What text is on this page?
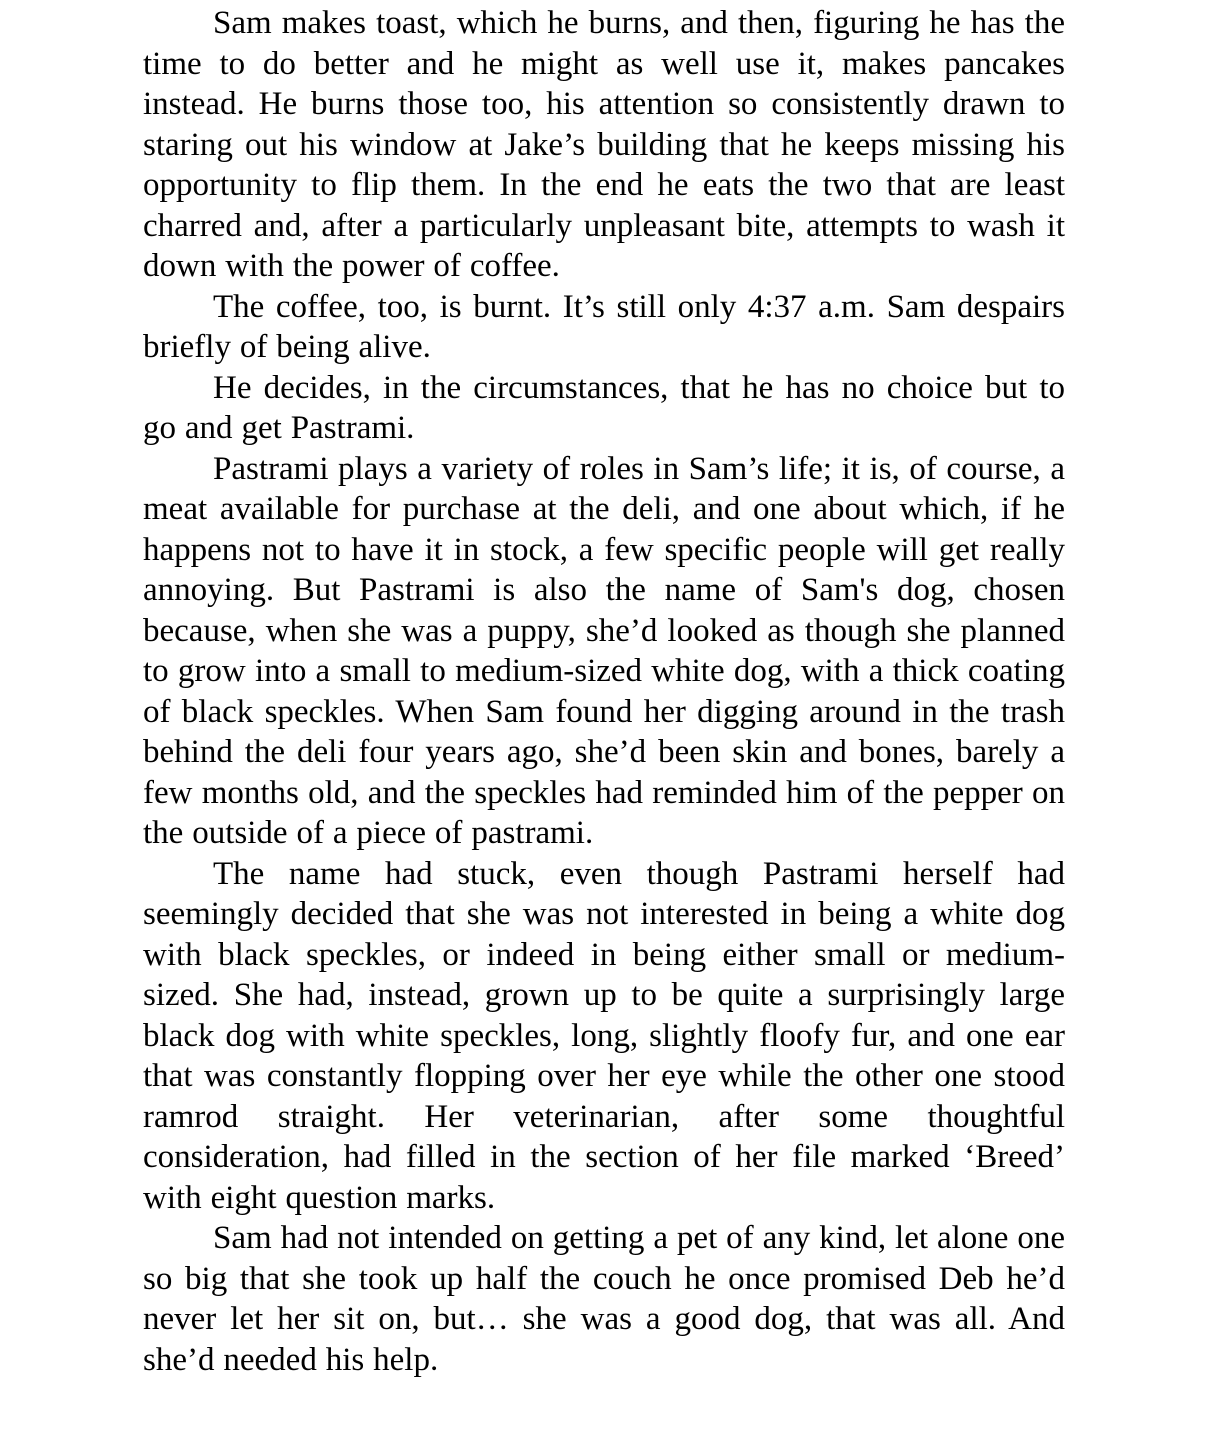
Sam makes toast, which he burns, and then, figuring he has the time to do better and he might as well use it, makes pancakes instead. He burns those too, his attention so consistently drawn to staring out his window at Jake’s building that he keeps missing his opportunity to flip them. In the end he eats the two that are least charred and, after a particularly unpleasant bite, attempts to wash it down with the power of coffee.

The coffee, too, is burnt. It’s still only 4:37 a.m. Sam despairs briefly of being alive.

He decides, in the circumstances, that he has no choice but to go and get Pastrami.

Pastrami plays a variety of roles in Sam’s life; it is, of course, a meat available for purchase at the deli, and one about which, if he happens not to have it in stock, a few specific people will get really annoying. But Pastrami is also the name of Sam's dog, chosen because, when she was a puppy, she’d looked as though she planned to grow into a small to medium-sized white dog, with a thick coating of black speckles. When Sam found her digging around in the trash behind the deli four years ago, she’d been skin and bones, barely a few months old, and the speckles had reminded him of the pepper on the outside of a piece of pastrami.

The name had stuck, even though Pastrami herself had seemingly decided that she was not interested in being a white dog with black speckles, or indeed in being either small or medium-sized. She had, instead, grown up to be quite a surprisingly large black dog with white speckles, long, slightly floofy fur, and one ear that was constantly flopping over her eye while the other one stood ramrod straight. Her veterinarian, after some thoughtful consideration, had filled in the section of her file marked ‘Breed’ with eight question marks.

Sam had not intended on getting a pet of any kind, let alone one so big that she took up half the couch he once promised Deb he’d never let her sit on, but… she was a good dog, that was all. And she’d needed his help.
